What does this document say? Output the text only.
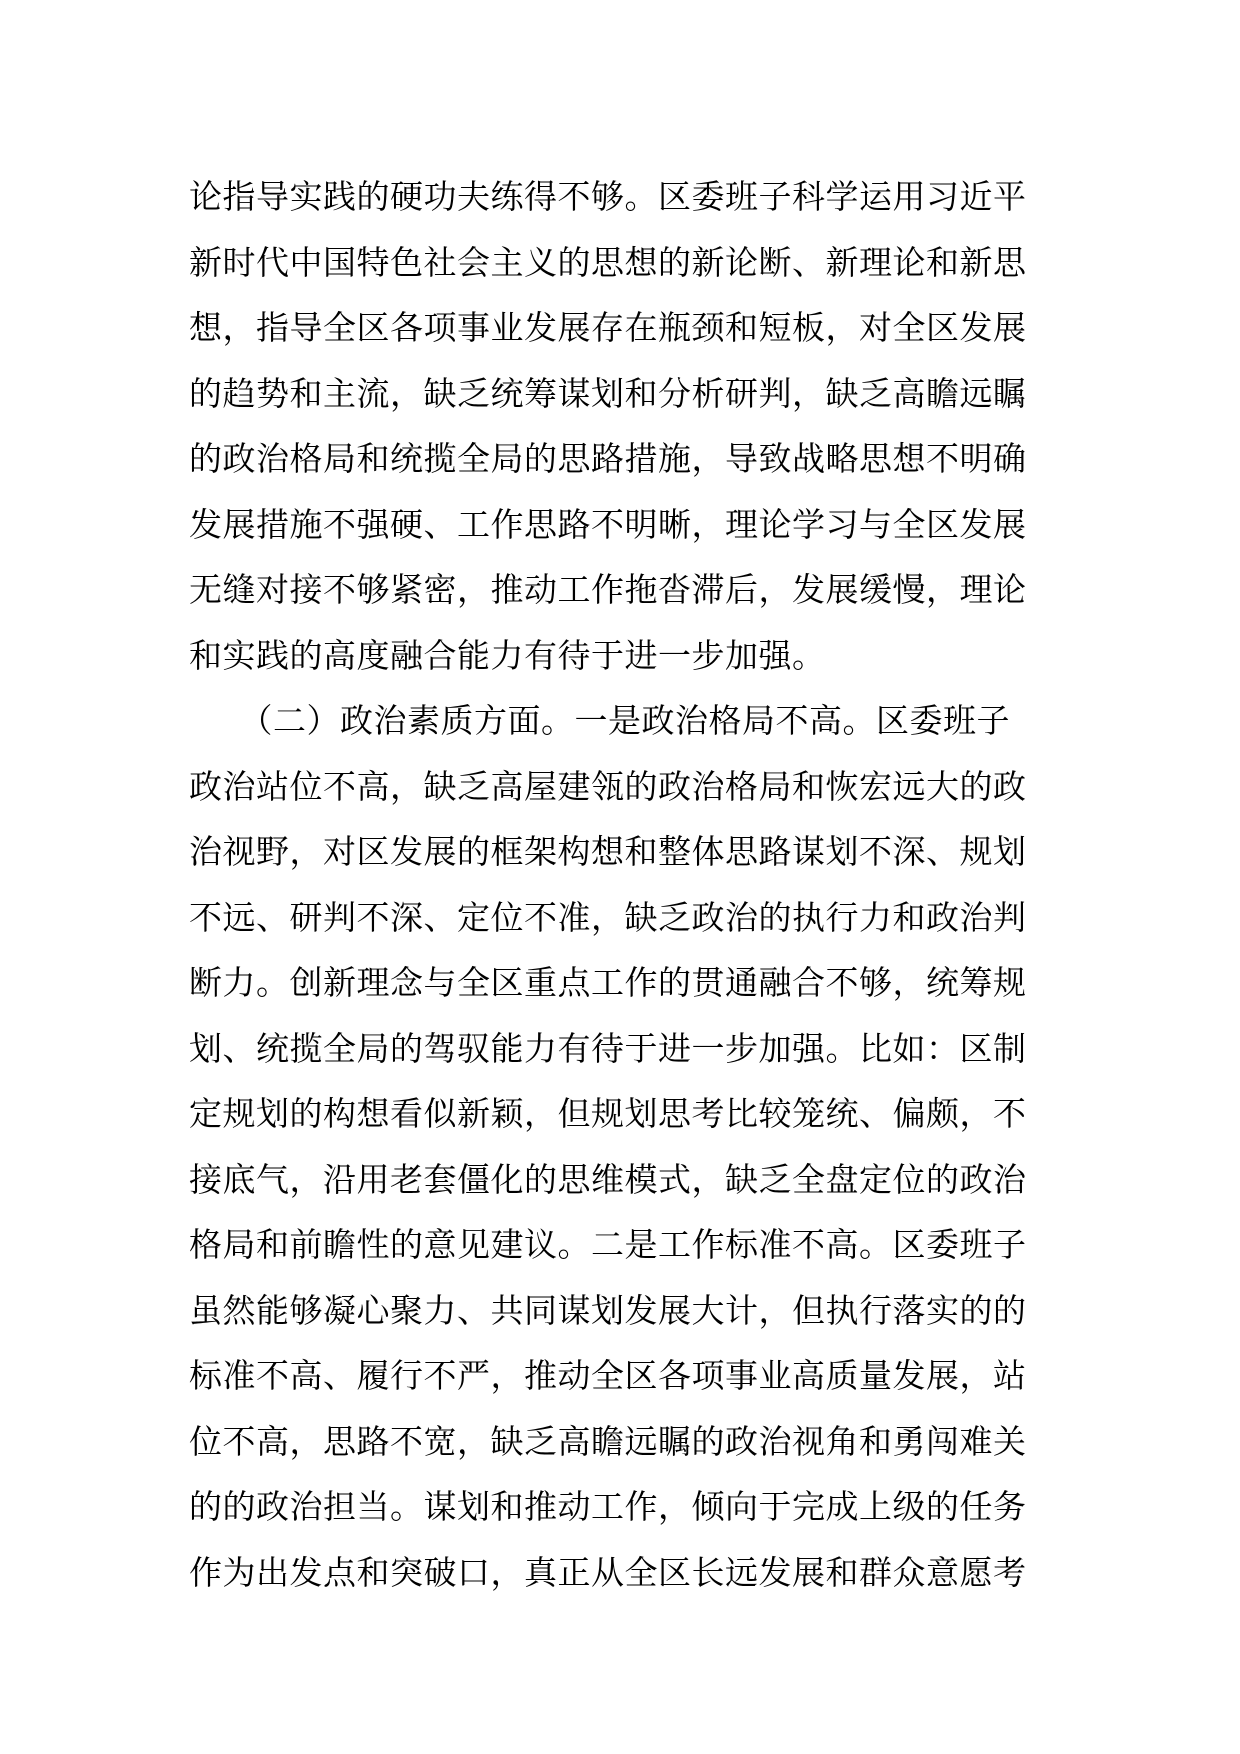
论指导实践的硬功夫练得不够。区委班子科学运用习近平
新时代中国特色社会主义的思想的新论断、新理论和新思
想，指导全区各项事业发展存在瓶颈和短板，对全区发展
的趋势和主流，缺乏统筹谋划和分析研判，缺乏高瞻远瞩
的政治格局和统揽全局的思路措施，导致战略思想不明确
发展措施不强硬、工作思路不明晰，理论学习与全区发展
无缝对接不够紧密，推动工作拖沓滞后，发展缓慢，理论
和实践的高度融合能力有待于进一步加强。
　　（二）政治素质方面。一是政治格局不高。区委班子
政治站位不高，缺乏高屋建瓴的政治格局和恢宏远大的政
治视野，对区发展的框架构想和整体思路谋划不深、规划
不远、研判不深、定位不准，缺乏政治的执行力和政治判
断力。创新理念与全区重点工作的贯通融合不够，统筹规
划、统揽全局的驾驭能力有待于进一步加强。比如：区制
定规划的构想看似新颖，但规划思考比较笼统、偏颇，不
接底气，沿用老套僵化的思维模式，缺乏全盘定位的政治
格局和前瞻性的意见建议。二是工作标准不高。区委班子
虽然能够凝心聚力、共同谋划发展大计，但执行落实的的
标准不高、履行不严，推动全区各项事业高质量发展，站
位不高，思路不宽，缺乏高瞻远瞩的政治视角和勇闯难关
的的政治担当。谋划和推动工作，倾向于完成上级的任务
作为出发点和突破口，真正从全区长远发展和群众意愿考
